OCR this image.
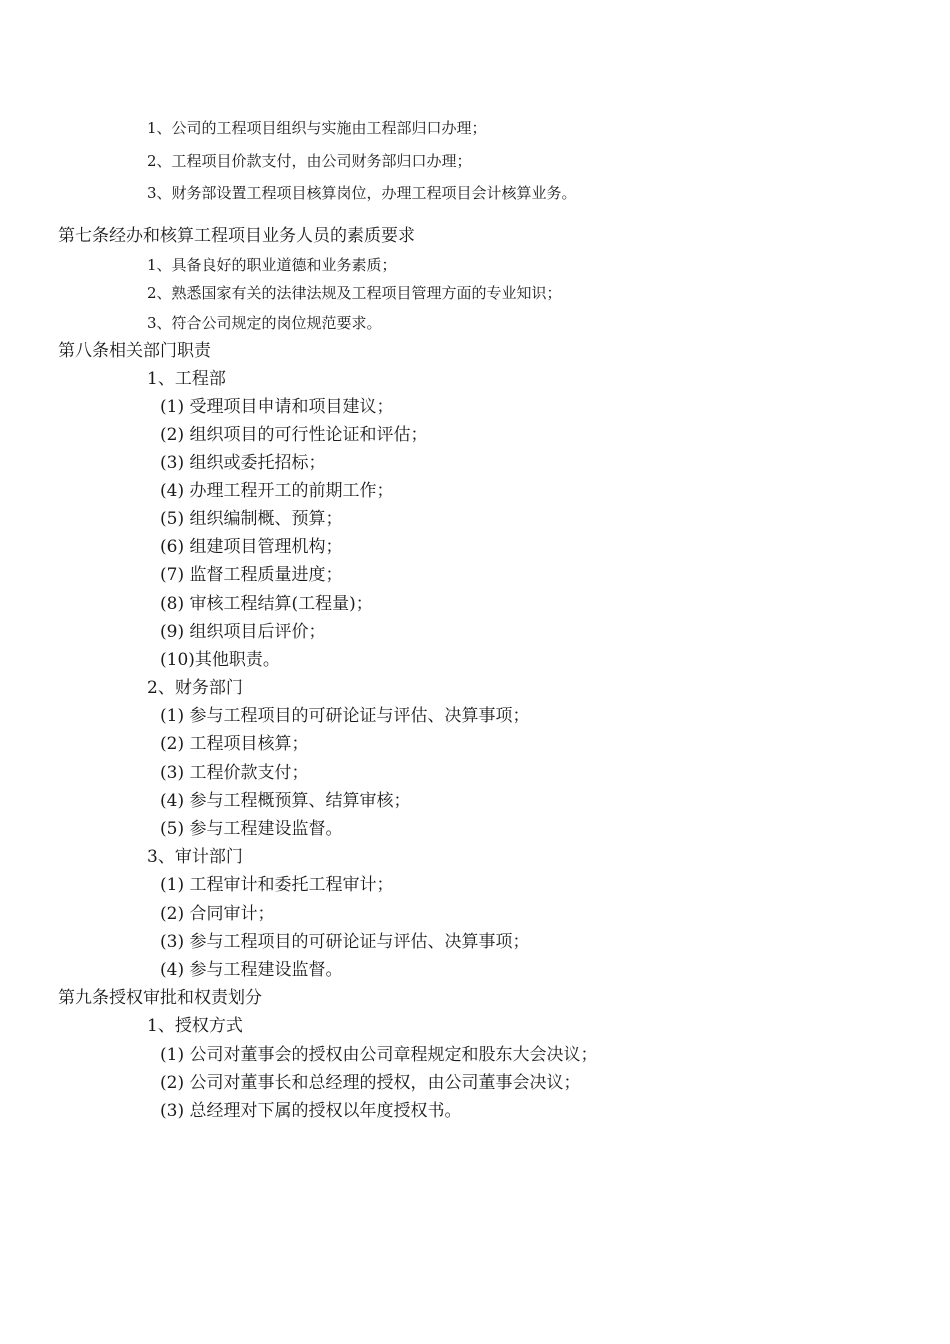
1、公司的工程项目组织与实施由工程部归口办理；
2、工程项目价款支付，由公司财务部归口办理；
3、财务部设置工程项目核算岗位，办理工程项目会计核算业务。
第七条经办和核算工程项目业务人员的素质要求
1、具备良好的职业道德和业务素质；
2、熟悉国家有关的法律法规及工程项目管理方面的专业知识；
3、符合公司规定的岗位规范要求。
第八条相关部门职责
1、工程部
(1) 受理项目申请和项目建议；
(2) 组织项目的可行性论证和评估；
(3) 组织或委托招标；
(4) 办理工程开工的前期工作；
(5) 组织编制概、预算；
(6) 组建项目管理机构；
(7) 监督工程质量进度；
(8) 审核工程结算(工程量)；
(9) 组织项目后评价；
(10)其他职责。
2、财务部门
(1) 参与工程项目的可研论证与评估、决算事项；
(2) 工程项目核算；
(3) 工程价款支付；
(4) 参与工程概预算、结算审核；
(5) 参与工程建设监督。
3、审计部门
(1) 工程审计和委托工程审计；
(2) 合同审计；
(3) 参与工程项目的可研论证与评估、决算事项；
(4) 参与工程建设监督。
第九条授权审批和权责划分
1、授权方式
(1) 公司对董事会的授权由公司章程规定和股东大会决议；
(2) 公司对董事长和总经理的授权，由公司董事会决议；
(3) 总经理对下属的授权以年度授权书。
